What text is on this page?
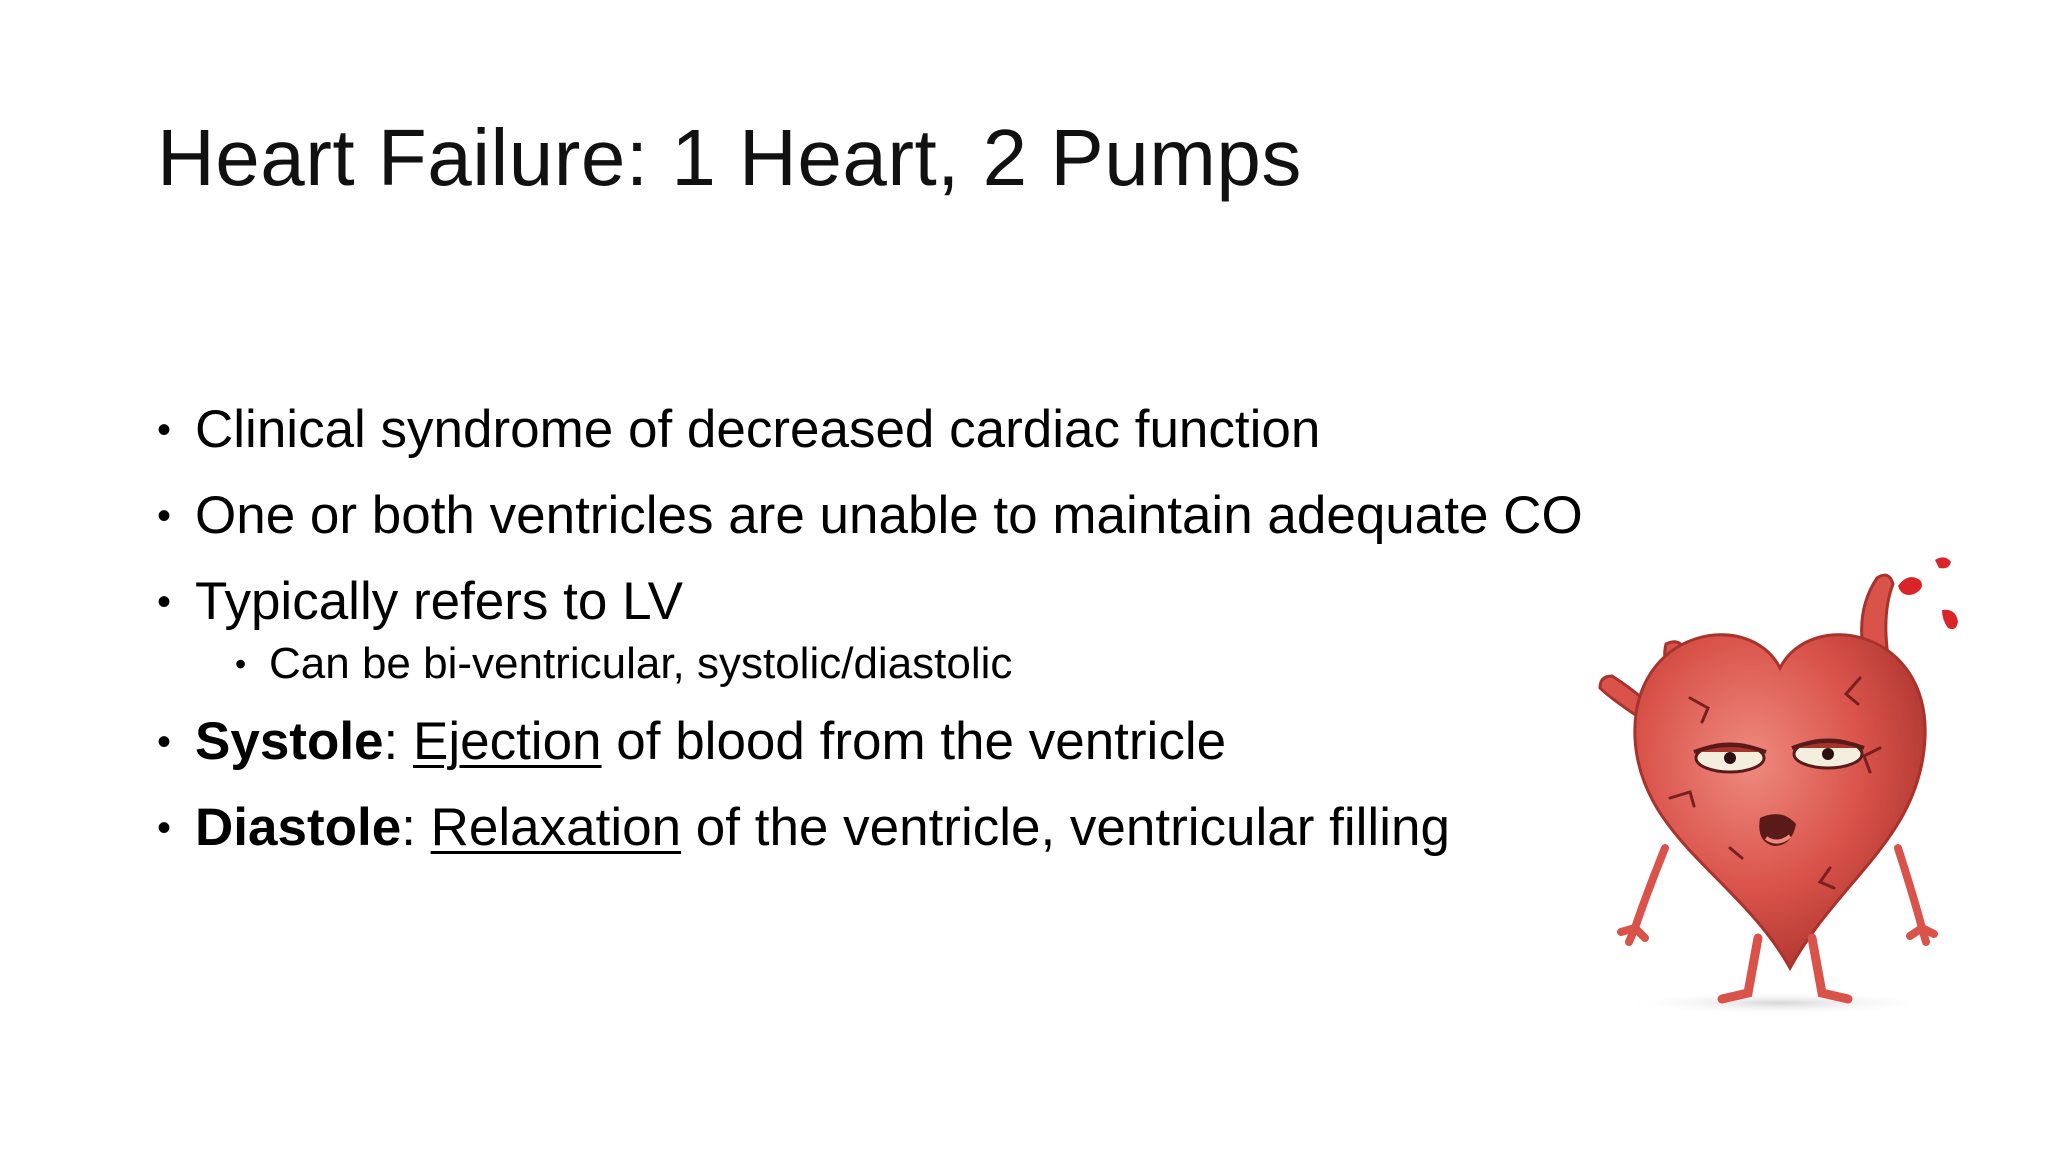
Heart Failure: 1 Heart, 2 Pumps
• Clinical syndrome of decreased cardiac function
• One or both ventricles are unable to maintain adequate CO
• Typically refers to LV
• Can be bi-ventricular, systolic/diastolic
• Systole: Ejection of blood from the ventricle
• Diastole: Relaxation of the ventricle, ventricular filling
